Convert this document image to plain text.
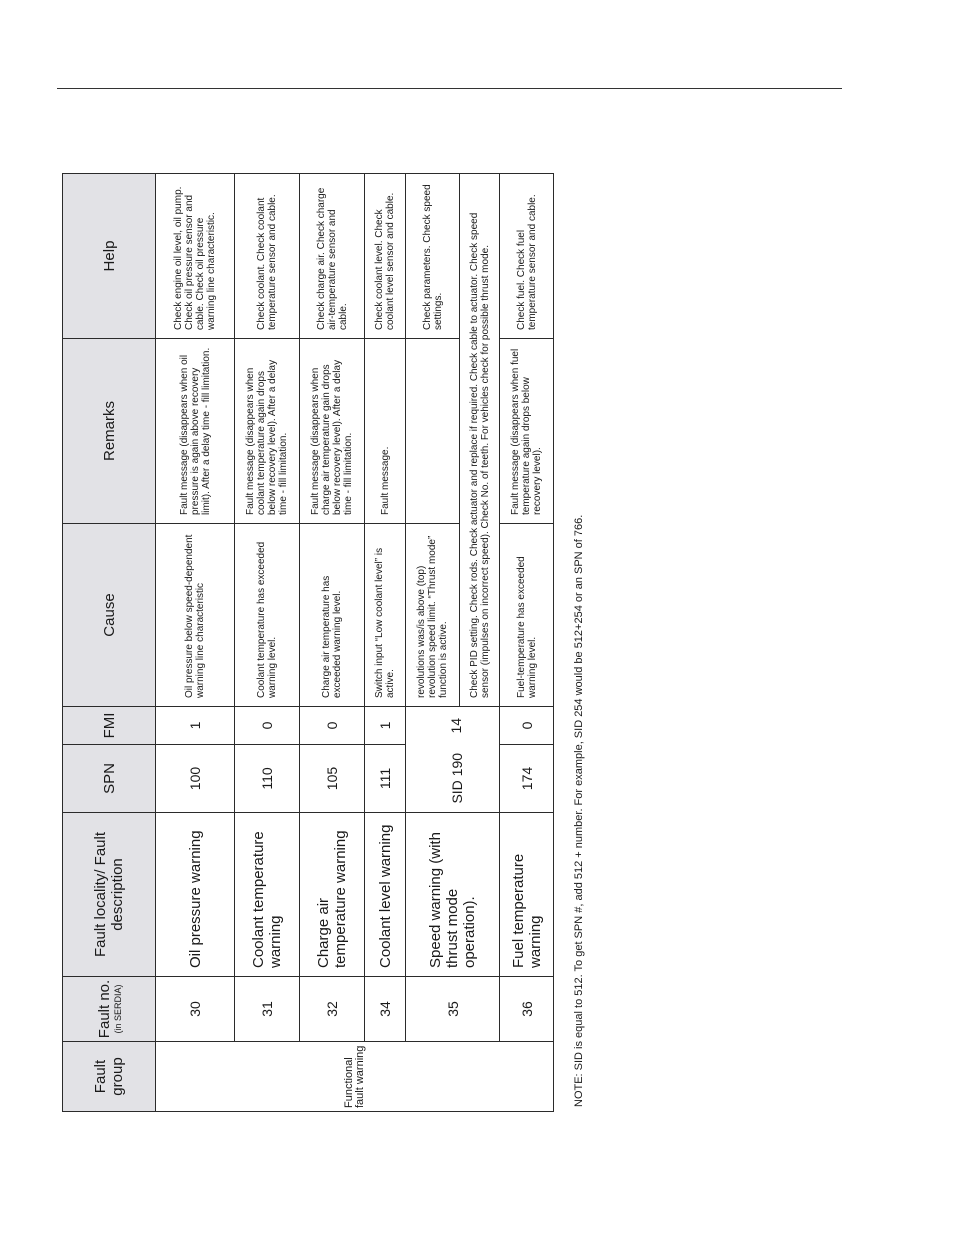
Fault group	Fault no. (in SERDIA)	Fault locality/ Fault description	SPN	FMI	Cause	Remarks	Help
Functional fault warning	30	Oil pressure warning	100	1	Oil pressure below speed-dependent warning line characteristic	Fault message (disappears when oil pressure is again above recovery limit). After a delay time - fill limitation.	Check engine oil level, oil pump. Check oil pressure sensor and cable. Check oil pressure warning line characteristic.
	31	Coolant temperature warning	110	0	Coolant temperature has exceeded warning level.	Fault message (disappears when coolant temperature again drops below recovery level). After a delay time - fill limitation.	Check coolant. Check coolant temperature sensor and cable.
	32	Charge air temperature warning	105	0	Charge air temperature has exceeded warning level.	Fault message (disappears when charge air temperature gain drops below recovery level). After a delay time - fill limitation.	Check charge air. Check charge air-temperature sensor and cable.
	34	Coolant level warning	111	1	Switch input “Low coolant level” is active.	Fault message.	Check coolant level. Check coolant level sensor and cable.
	35	Speed warning (with thrust mode operation).	SID 190	14	revolutions was/is above (top) revolution speed limit. “Thrust mode” function is active.		Check parameters. Check speed settings.
					Check PID setting. Check rods. Check actuator and replace if required. Check cable to actuator. Check speed sensor (impulses on incorrect speed). Check No. of teeth. For vehicles check for possible thrust mode.		
	36	Fuel temperature warning	174	0	Fuel-temperature has exceeded warning level.	Fault message (disappears when fuel temperature again drops below recovery level).	Check fuel. Check fuel temperature sensor and cable.
NOTE: SID is equal to 512. To get SPN #, add 512 + number. For example, SID 254 would be 512+254 or an SPN of 766.
